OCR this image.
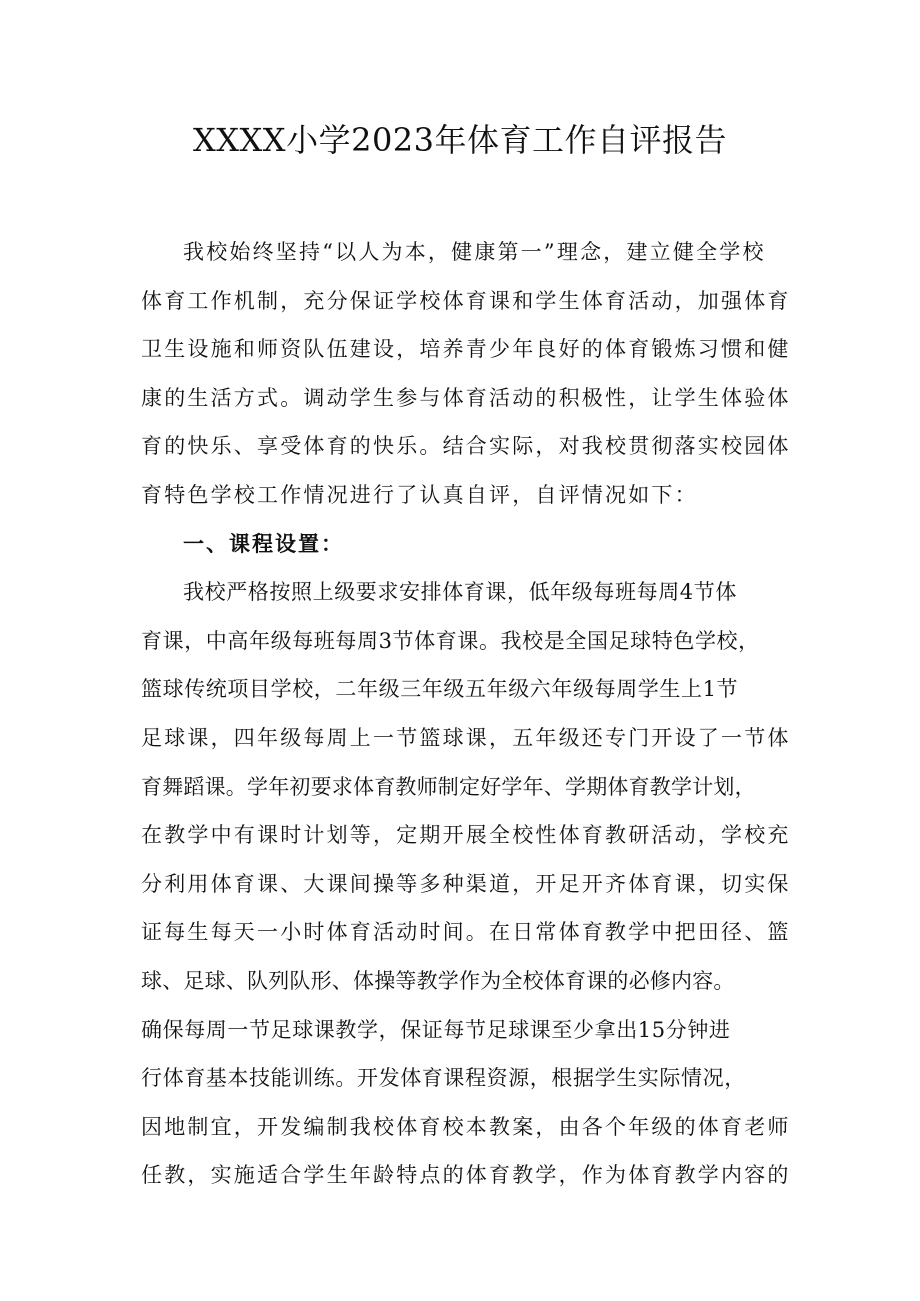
XXXX小学2023年体育工作自评报告
我校始终坚持“以人为本，健康第一”理念，建立健全学校
体育工作机制，充分保证学校体育课和学生体育活动，加强体育
卫生设施和师资队伍建设，培养青少年良好的体育锻炼习惯和健
康的生活方式。调动学生参与体育活动的积极性，让学生体验体
育的快乐、享受体育的快乐。结合实际，对我校贯彻落实校园体
育特色学校工作情况进行了认真自评，自评情况如下：
一、课程设置：
我校严格按照上级要求安排体育课，低年级每班每周4节体
育课，中高年级每班每周3节体育课。我校是全国足球特色学校，
篮球传统项目学校，二年级三年级五年级六年级每周学生上1节
足球课，四年级每周上一节篮球课，五年级还专门开设了一节体
育舞蹈课。学年初要求体育教师制定好学年、学期体育教学计划，
在教学中有课时计划等，定期开展全校性体育教研活动，学校充
分利用体育课、大课间操等多种渠道，开足开齐体育课，切实保
证每生每天一小时体育活动时间。在日常体育教学中把田径、篮
球、足球、队列队形、体操等教学作为全校体育课的必修内容。
确保每周一节足球课教学，保证每节足球课至少拿出15分钟进
行体育基本技能训练。开发体育课程资源，根据学生实际情况，
因地制宜，开发编制我校体育校本教案，由各个年级的体育老师
任教，实施适合学生年龄特点的体育教学，作为体育教学内容的
